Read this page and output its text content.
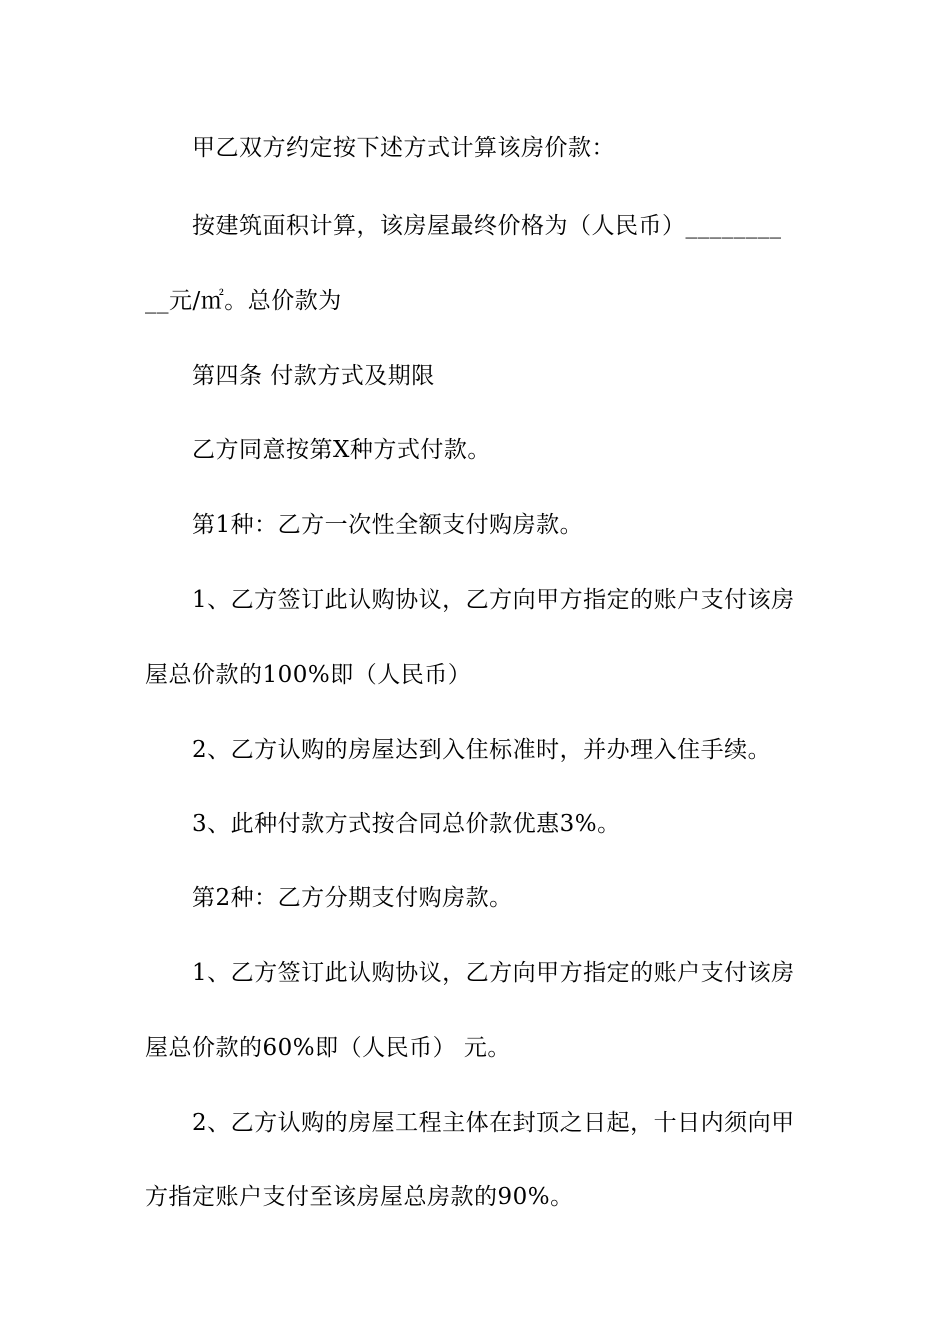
甲乙双方约定按下述方式计算该房价款：
按建筑面积计算，该房屋最终价格为（人民币）________
__元/㎡。总价款为
第四条 付款方式及期限
乙方同意按第Ⅹ种方式付款。
第1种：乙方一次性全额支付购房款。
1、乙方签订此认购协议，乙方向甲方指定的账户支付该房
屋总价款的100%即（人民币）
2、乙方认购的房屋达到入住标准时，并办理入住手续。
3、此种付款方式按合同总价款优惠3%。
第2种：乙方分期支付购房款。
1、乙方签订此认购协议，乙方向甲方指定的账户支付该房
屋总价款的60%即（人民币） 元。
2、乙方认购的房屋工程主体在封顶之日起，十日内须向甲
方指定账户支付至该房屋总房款的90%。
